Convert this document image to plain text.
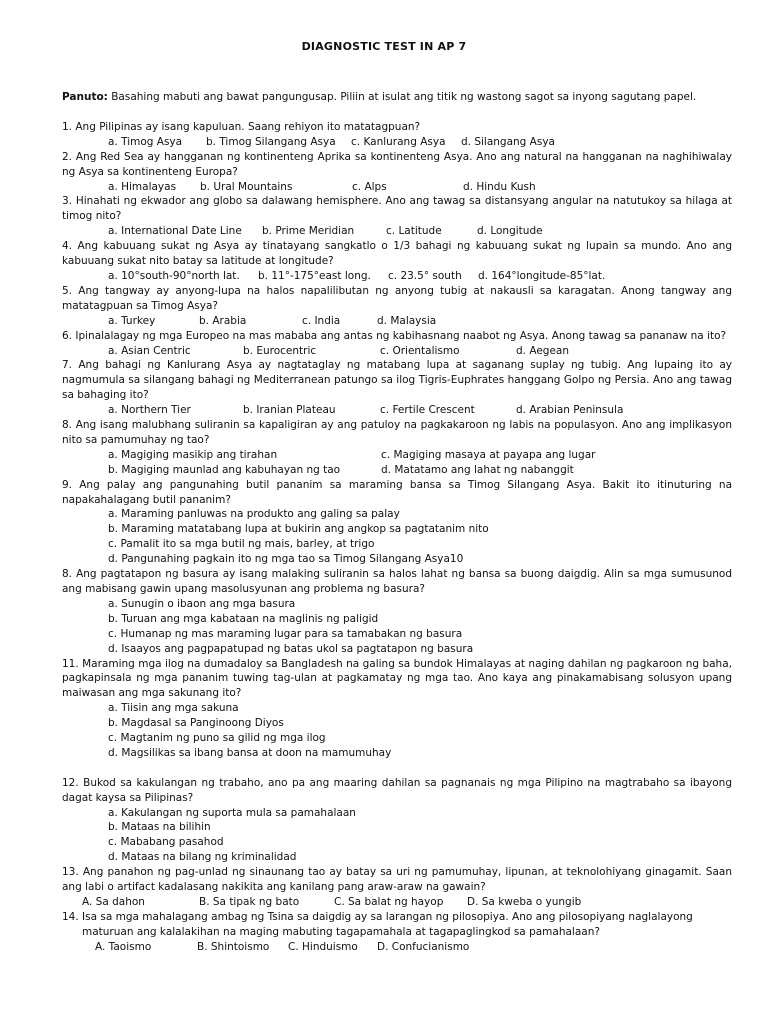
DIAGNOSTIC TEST IN AP 7
Panuto: Basahing mabuti ang bawat pangungusap. Piliin at isulat ang titik ng wastong sagot sa inyong sagutang papel.
1. Ang Pilipinas ay isang kapuluan. Saang rehiyon ito matatagpuan?
a. Timog Asya	b. Timog Silangang Asya	c. Kanlurang Asya	d. Silangang Asya
2. Ang Red Sea ay hangganan ng kontinenteng Aprika sa kontinenteng Asya. Ano ang natural na hangganan na naghihiwalay ng Asya sa kontinenteng Europa?
a. Himalayas	b. Ural Mountains	c. Alps	d. Hindu Kush
3. Hinahati ng ekwador ang globo sa dalawang hemisphere. Ano ang tawag sa distansyang angular na natutukoy sa hilaga at timog nito?
a. International Date Line	b. Prime Meridian	c. Latitude	d. Longitude
4. Ang kabuuang sukat ng Asya ay tinatayang sangkatlo o 1/3 bahagi ng kabuuang sukat ng lupain sa mundo. Ano ang kabuuang sukat nito batay sa latitude at longitude?
a. 10°south-90°north lat.	b. 11°-175°east long.	c. 23.5° south	d. 164°longitude-85°lat.
5. Ang tangway ay anyong-lupa na halos napalilibutan ng anyong tubig at nakausli sa karagatan. Anong tangway ang matatagpuan sa Timog Asya?
a. Turkey	b. Arabia	c. India	d. Malaysia
6. Ipinalalagay ng mga Europeo na mas mababa ang antas ng kabihasnang naabot ng Asya. Anong tawag sa pananaw na ito?
a. Asian Centric	b. Eurocentric	c. Orientalismo	d. Aegean
7. Ang bahagi ng Kanlurang Asya ay nagtataglay ng matabang lupa at saganang suplay ng tubig. Ang lupaing ito ay nagmumula sa silangang bahagi ng Mediterranean patungo sa ilog Tigris-Euphrates hanggang Golpo ng Persia. Ano ang tawag sa bahaging ito?
a. Northern Tier	b. Iranian Plateau	c. Fertile Crescent	d. Arabian Peninsula
8. Ang isang malubhang suliranin sa kapaligiran ay ang patuloy na pagkakaroon ng labis na populasyon. Ano ang implikasyon nito sa pamumuhay ng tao?
a. Magiging masikip ang tirahan	c. Magiging masaya at payapa ang lugar
b. Magiging maunlad ang kabuhayan ng tao	d. Matatamo ang lahat ng nabanggit
9. Ang palay ang pangunahing butil pananim sa maraming bansa sa Timog Silangang Asya. Bakit ito itinuturing na napakahalagang butil pananim?
a. Maraming panluwas na produkto ang galing sa palay
b. Maraming matatabang lupa at bukirin ang angkop sa pagtatanim nito
c. Pamalit ito sa mga butil ng mais, barley, at trigo
d. Pangunahing pagkain ito ng mga tao sa Timog Silangang Asya10
8. Ang pagtatapon ng basura ay isang malaking suliranin sa halos lahat ng bansa sa buong daigdig. Alin sa mga sumusunod ang mabisang gawin upang masolusyunan ang problema ng basura?
a. Sunugin o ibaon ang mga basura
b. Turuan ang mga kabataan na maglinis ng paligid
c. Humanap ng mas maraming lugar para sa tamabakan ng basura
d. Isaayos ang pagpapatupad ng batas ukol sa pagtatapon ng basura
11. Maraming mga ilog na dumadaloy sa Bangladesh na galing sa bundok Himalayas at naging dahilan ng pagkaroon ng baha, pagkapinsala ng mga pananim tuwing tag-ulan at pagkamatay ng mga tao. Ano kaya ang pinakamabisang solusyon upang maiwasan ang mga sakunang ito?
a. Tiisin ang mga sakuna
b. Magdasal sa Panginoong Diyos
c. Magtanim ng puno sa gilid ng mga ilog
d. Magsilikas sa ibang bansa at doon na mamumuhay
12. Bukod sa kakulangan ng trabaho, ano pa ang maaring dahilan sa pagnanais ng mga Pilipino na magtrabaho sa ibayong dagat kaysa sa Pilipinas?
a. Kakulangan ng suporta mula sa pamahalaan
b. Mataas na bilihin
c. Mababang pasahod
d. Mataas na bilang ng kriminalidad
13. Ang panahon ng pag-unlad ng sinaunang tao ay batay sa uri ng pamumuhay, lipunan, at teknolohiyang ginagamit. Saan ang labi o artifact kadalasang nakikita ang kanilang pang araw-araw na gawain?
A. Sa dahon	B. Sa tipak ng bato	C. Sa balat ng hayop	D. Sa kweba o yungib
14. Isa sa mga mahalagang ambag ng Tsina sa daigdig ay sa larangan ng pilosopiya. Ano ang pilosopiyang naglalayong
maturuan ang kalalakihan na maging mabuting tagapamahala at tagapaglingkod sa pamahalaan?
A. Taoismo	B. Shintoismo	C. Hinduismo	D. Confucianismo
